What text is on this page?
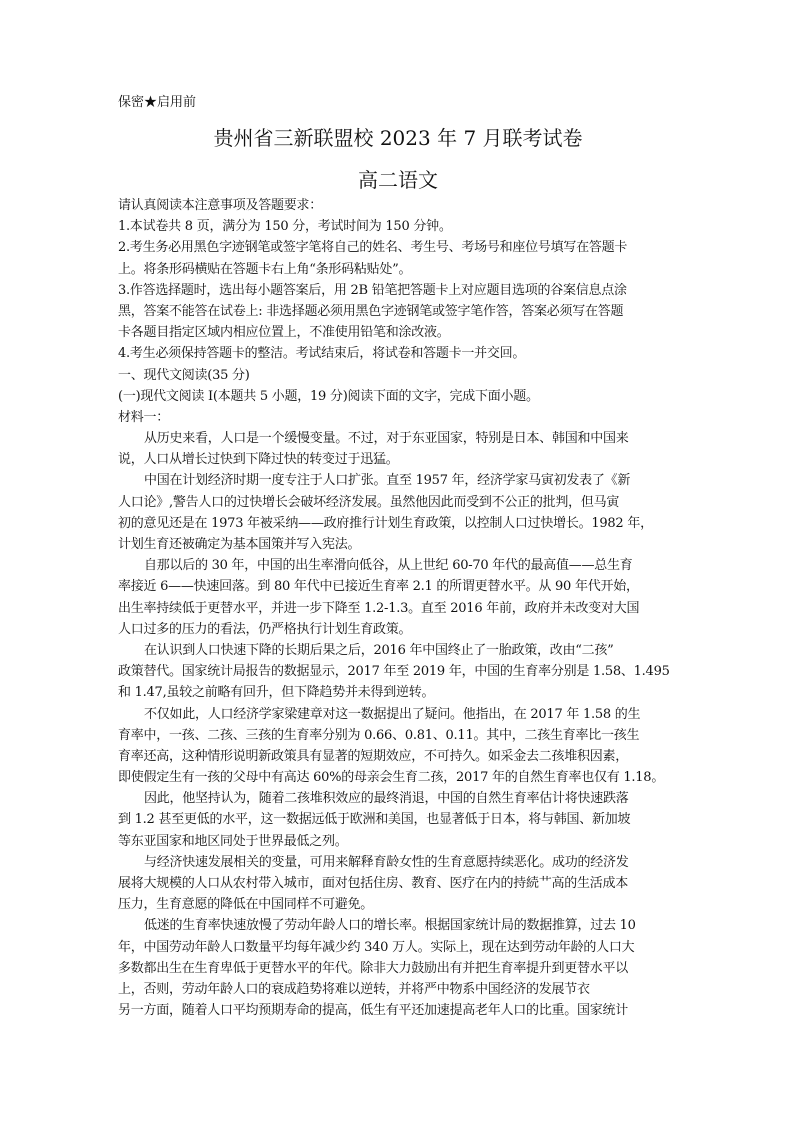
保密★启用前
贵州省三新联盟校 2023 年 7 月联考试卷
高二语文
请认真阅读本注意事项及答题要求：
1.本试卷共 8 页，满分为 150 分，考试时间为 150 分钟。
2.考生务必用黑色字迹钢笔或签字笔将自己的姓名、考生号、考场号和座位号填写在答题卡
上。将条形码横贴在答题卡右上角“条形码粘贴处”。
3.作答选择题时，选出每小题答案后，用 2B 铅笔把答题卡上对应题目选项的谷案信息点涂
黑，答案不能答在试卷上: 非选择题必须用黑色字迹钢笔或签字笔作答，答案必须写在答题
卡各题目指定区域内相应位置上，不准使用铅笔和涂改液。
4.考生必须保持答题卡的整洁。考试结束后，将试卷和答题卡一并交回。
一、现代文阅读(35 分)
(一)现代文阅读 I(本题共 5 小题，19 分)阅读下面的文字，完成下面小题。
材料一：
从历史来看，人口是一个缓慢变量。不过，对于东亚国家，特别是日本、韩国和中国来
说，人口从增长过快到下降过快的转变过于迅猛。
中国在计划经济时期一度专注于人口扩张。直至 1957 年，经济学家马寅初发表了《新
人口论》,警告人口的过快增长会破坏经济发展。虽然他因此而受到不公正的批判，但马寅
初的意见还是在 1973 年被采纳——政府推行计划生育政策，以控制人口过快增长。1982 年，
计划生育还被确定为基本国策并写入宪法。
自那以后的 30 年，中国的出生率滑向低谷，从上世纪 60-70 年代的最高值——总生育
率接近 6——快速回落。到 80 年代中已接近生育率 2.1 的所谓更替水平。从 90 年代开始，
出生率持续低于更替水平，并进一步下降至 1.2-1.3。直至 2016 年前，政府并未改变对大国
人口过多的压力的看法，仍严格执行计划生育政策。
在认识到人口快速下降的长期后果之后，2016 年中国终止了一胎政策，改由“二孩”
政策替代。国家统计局报告的数据显示，2017 年至 2019 年，中国的生育率分别是 1.58、1.495
和 1.47,虽较之前略有回升，但下降趋势并未得到逆转。
不仅如此，人口经济学家梁建章对这一数据提出了疑问。他指出，在 2017 年 1.58 的生
育率中，一孩、二孩、三孩的生育率分别为 0.66、0.81、0.11。其中，二孩生育率比一孩生
育率还高，这种情形说明新政策具有显著的短期效应，不可持久。如采金去二孩堆积因素，
即使假定生有一孩的父母中有高达 60%的母亲会生育二孩，2017 年的自然生育率也仅有 1.18。
因此，他坚持认为，随着二孩堆积效应的最终消退，中国的自然生育率估计将快速跌落
到 1.2 甚至更低的水平，这一数据远低于欧洲和美国，也显著低于日本，将与韩国、新加坡
等东亚国家和地区同处于世界最低之列。
与经济快速发展相关的变量，可用来解释育龄女性的生育意愿持续恶化。成功的经济发
展将大规模的人口从农村带入城市，面对包括住房、教育、医疗在内的持続艹高的生活成本
压力，生育意愿的降低在中国同样不可避免。
低迷的生育率快速放慢了劳动年龄人口的增长率。根据国家统计局的数据推算，过去 10
年，中国劳动年龄人口数量平均每年减少约 340 万人。实际上，现在达到劳动年龄的人口大
多数都出生在生育卑低于更替水平的年代。除非大力鼓励出有并把生育率提升到更替水平以
上，否则，劳动年龄人口的衰成趋势将难以逆转，并将严中物系中国经济的发展节衣
另一方面，随着人口平均预期寿命的提高，低生有平还加速提高老年人口的比重。国家统计
